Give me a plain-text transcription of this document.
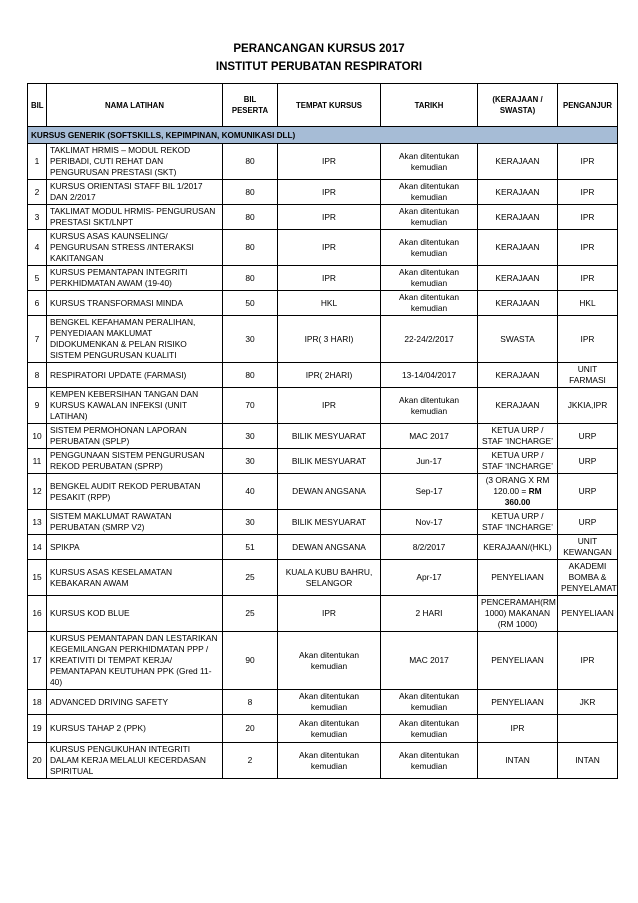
PERANCANGAN KURSUS 2017
INSTITUT PERUBATAN RESPIRATORI
BIL	NAMA LATIHAN	BIL PESERTA	TEMPAT KURSUS	TARIKH	(KERAJAAN / SWASTA)	PENGANJUR
KURSUS GENERIK (SOFTSKILLS, KEPIMPINAN, KOMUNIKASI DLL)						
1	TAKLIMAT HRMIS – MODUL REKOD PERIBADI, CUTI REHAT DAN PENGURUSAN PRESTASI (SKT)	80	IPR	Akan ditentukan kemudian	KERAJAAN	IPR
2	KURSUS ORIENTASI STAFF BIL 1/2017 DAN 2/2017	80	IPR	Akan ditentukan kemudian	KERAJAAN	IPR
3	TAKLIMAT MODUL HRMIS- PENGURUSAN PRESTASI SKT/LNPT	80	IPR	Akan ditentukan kemudian	KERAJAAN	IPR
4	KURSUS ASAS KAUNSELING/ PENGURUSAN STRESS /INTERAKSI KAKITANGAN	80	IPR	Akan ditentukan kemudian	KERAJAAN	IPR
5	KURSUS PEMANTAPAN INTEGRITI PERKHIDMATAN AWAM (19-40)	80	IPR	Akan ditentukan kemudian	KERAJAAN	IPR
6	KURSUS TRANSFORMASI MINDA	50	HKL	Akan ditentukan kemudian	KERAJAAN	HKL
7	BENGKEL KEFAHAMAN PERALIHAN, PENYEDIAAN MAKLUMAT DIDOKUMENKAN & PELAN RISIKO SISTEM PENGURUSAN KUALITI	30	IPR( 3 HARI)	22-24/2/2017	SWASTA	IPR
8	RESPIRATORI UPDATE (FARMASI)	80	IPR( 2HARI)	13-14/04/2017	KERAJAAN	UNIT FARMASI
9	KEMPEN KEBERSIHAN TANGAN DAN KURSUS KAWALAN INFEKSI (UNIT LATIHAN)	70	IPR	Akan ditentukan kemudian	KERAJAAN	JKKIA,IPR
10	SISTEM PERMOHONAN LAPORAN PERUBATAN (SPLP)	30	BILIK MESYUARAT	MAC 2017	KETUA URP / STAF ‘INCHARGE’	URP
11	PENGGUNAAN SISTEM PENGURUSAN REKOD PERUBATAN (SPRP)	30	BILIK MESYUARAT	Jun-17	KETUA URP / STAF ‘INCHARGE’	URP
12	BENGKEL AUDIT REKOD PERUBATAN PESAKIT (RPP)	40	DEWAN ANGSANA	Sep-17	(3 ORANG X RM 120.00 = RM 360.00	URP
13	SISTEM MAKLUMAT RAWATAN PERUBATAN (SMRP V2)	30	BILIK MESYUARAT	Nov-17	KETUA URP / STAF ‘INCHARGE’	URP
14	SPIKPA	51	DEWAN ANGSANA	8/2/2017	KERAJAAN/(HKL)	UNIT KEWANGAN
15	KURSUS ASAS KESELAMATAN KEBAKARAN AWAM	25	KUALA KUBU BAHRU, SELANGOR	Apr-17	PENYELIAAN	AKADEMI BOMBA & PENYELAMAT
16	KURSUS KOD BLUE	25	IPR	2 HARI	PENCERAMAH(RM 1000) MAKANAN (RM 1000)	PENYELIAAN
17	KURSUS PEMANTAPAN DAN LESTARIKAN KEGEMILANGAN PERKHIDMATAN PPP / KREATIVITI DI TEMPAT KERJA/ PEMANTAPAN KEUTUHAN PPK (Gred 11- 40)	90	Akan ditentukan kemudian	MAC 2017	PENYELIAAN	IPR
18	ADVANCED DRIVING SAFETY	8	Akan ditentukan kemudian	Akan ditentukan kemudian	PENYELIAAN	JKR
19	KURSUS TAHAP 2 (PPK)	20	Akan ditentukan kemudian	Akan ditentukan kemudian	IPR	
20	KURSUS PENGUKUHAN INTEGRITI DALAM KERJA MELALUI KECERDASAN SPIRITUAL	2	Akan ditentukan kemudian	Akan ditentukan kemudian	INTAN	INTAN
